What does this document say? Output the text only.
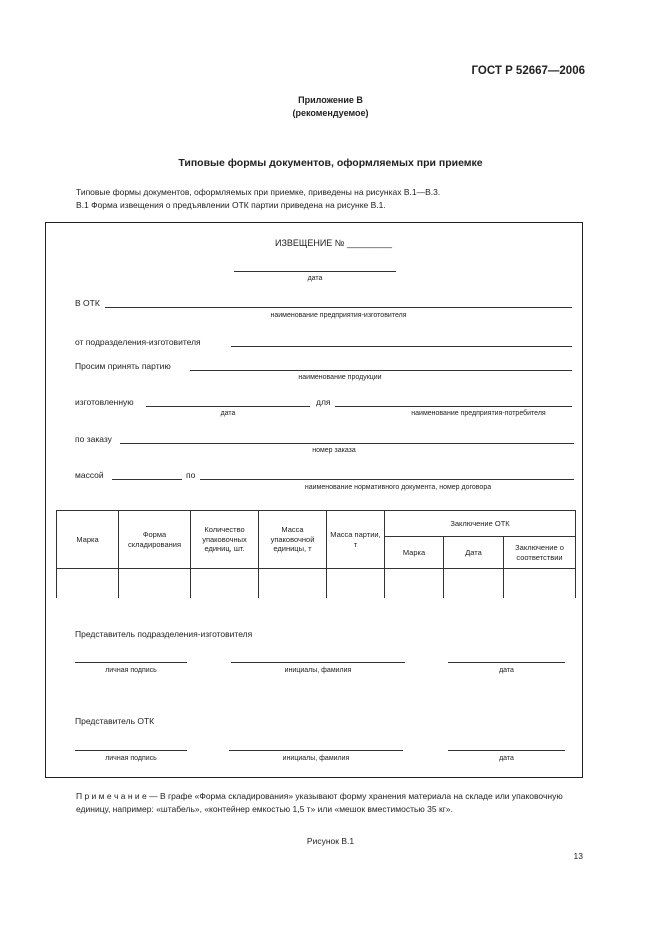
ГОСТ Р 52667—2006
Приложение В
(рекомендуемое)
Типовые формы документов, оформляемых при приемке
Типовые формы документов, оформляемых при приемке, приведены на рисунках В.1—В.3.
В.1 Форма извещения о предъявлении ОТК партии приведена на рисунке В.1.
ИЗВЕЩЕНИЕ № _________
дата
В ОТК
наименование предприятия-изготовителя
от подразделения-изготовителя
Просим принять партию
наименование продукции
изготовленную
дата
для
наименование предприятия-потребителя
по заказу
номер заказа
массой	по
наименование нормативного документа, номер договора
Марка	Форма складирования	Количество упаковочных единиц, шт.	Масса упаковочной единицы, т	Масса партии, т	Заключение ОТК		
					Марка	Дата	Заключение о соответствии

Представитель подразделения-изготовителя
личная подпись	инициалы, фамилия	дата
Представитель ОТК
личная подпись	инициалы, фамилия	дата
П р и м е ч а н и е — В графе «Форма складирования» указывают форму хранения материала на складе или упаковочную единицу, например: «штабель», «контейнер емкостью 1,5 т» или «мешок вместимостью 35 кг».
Рисунок В.1
13
